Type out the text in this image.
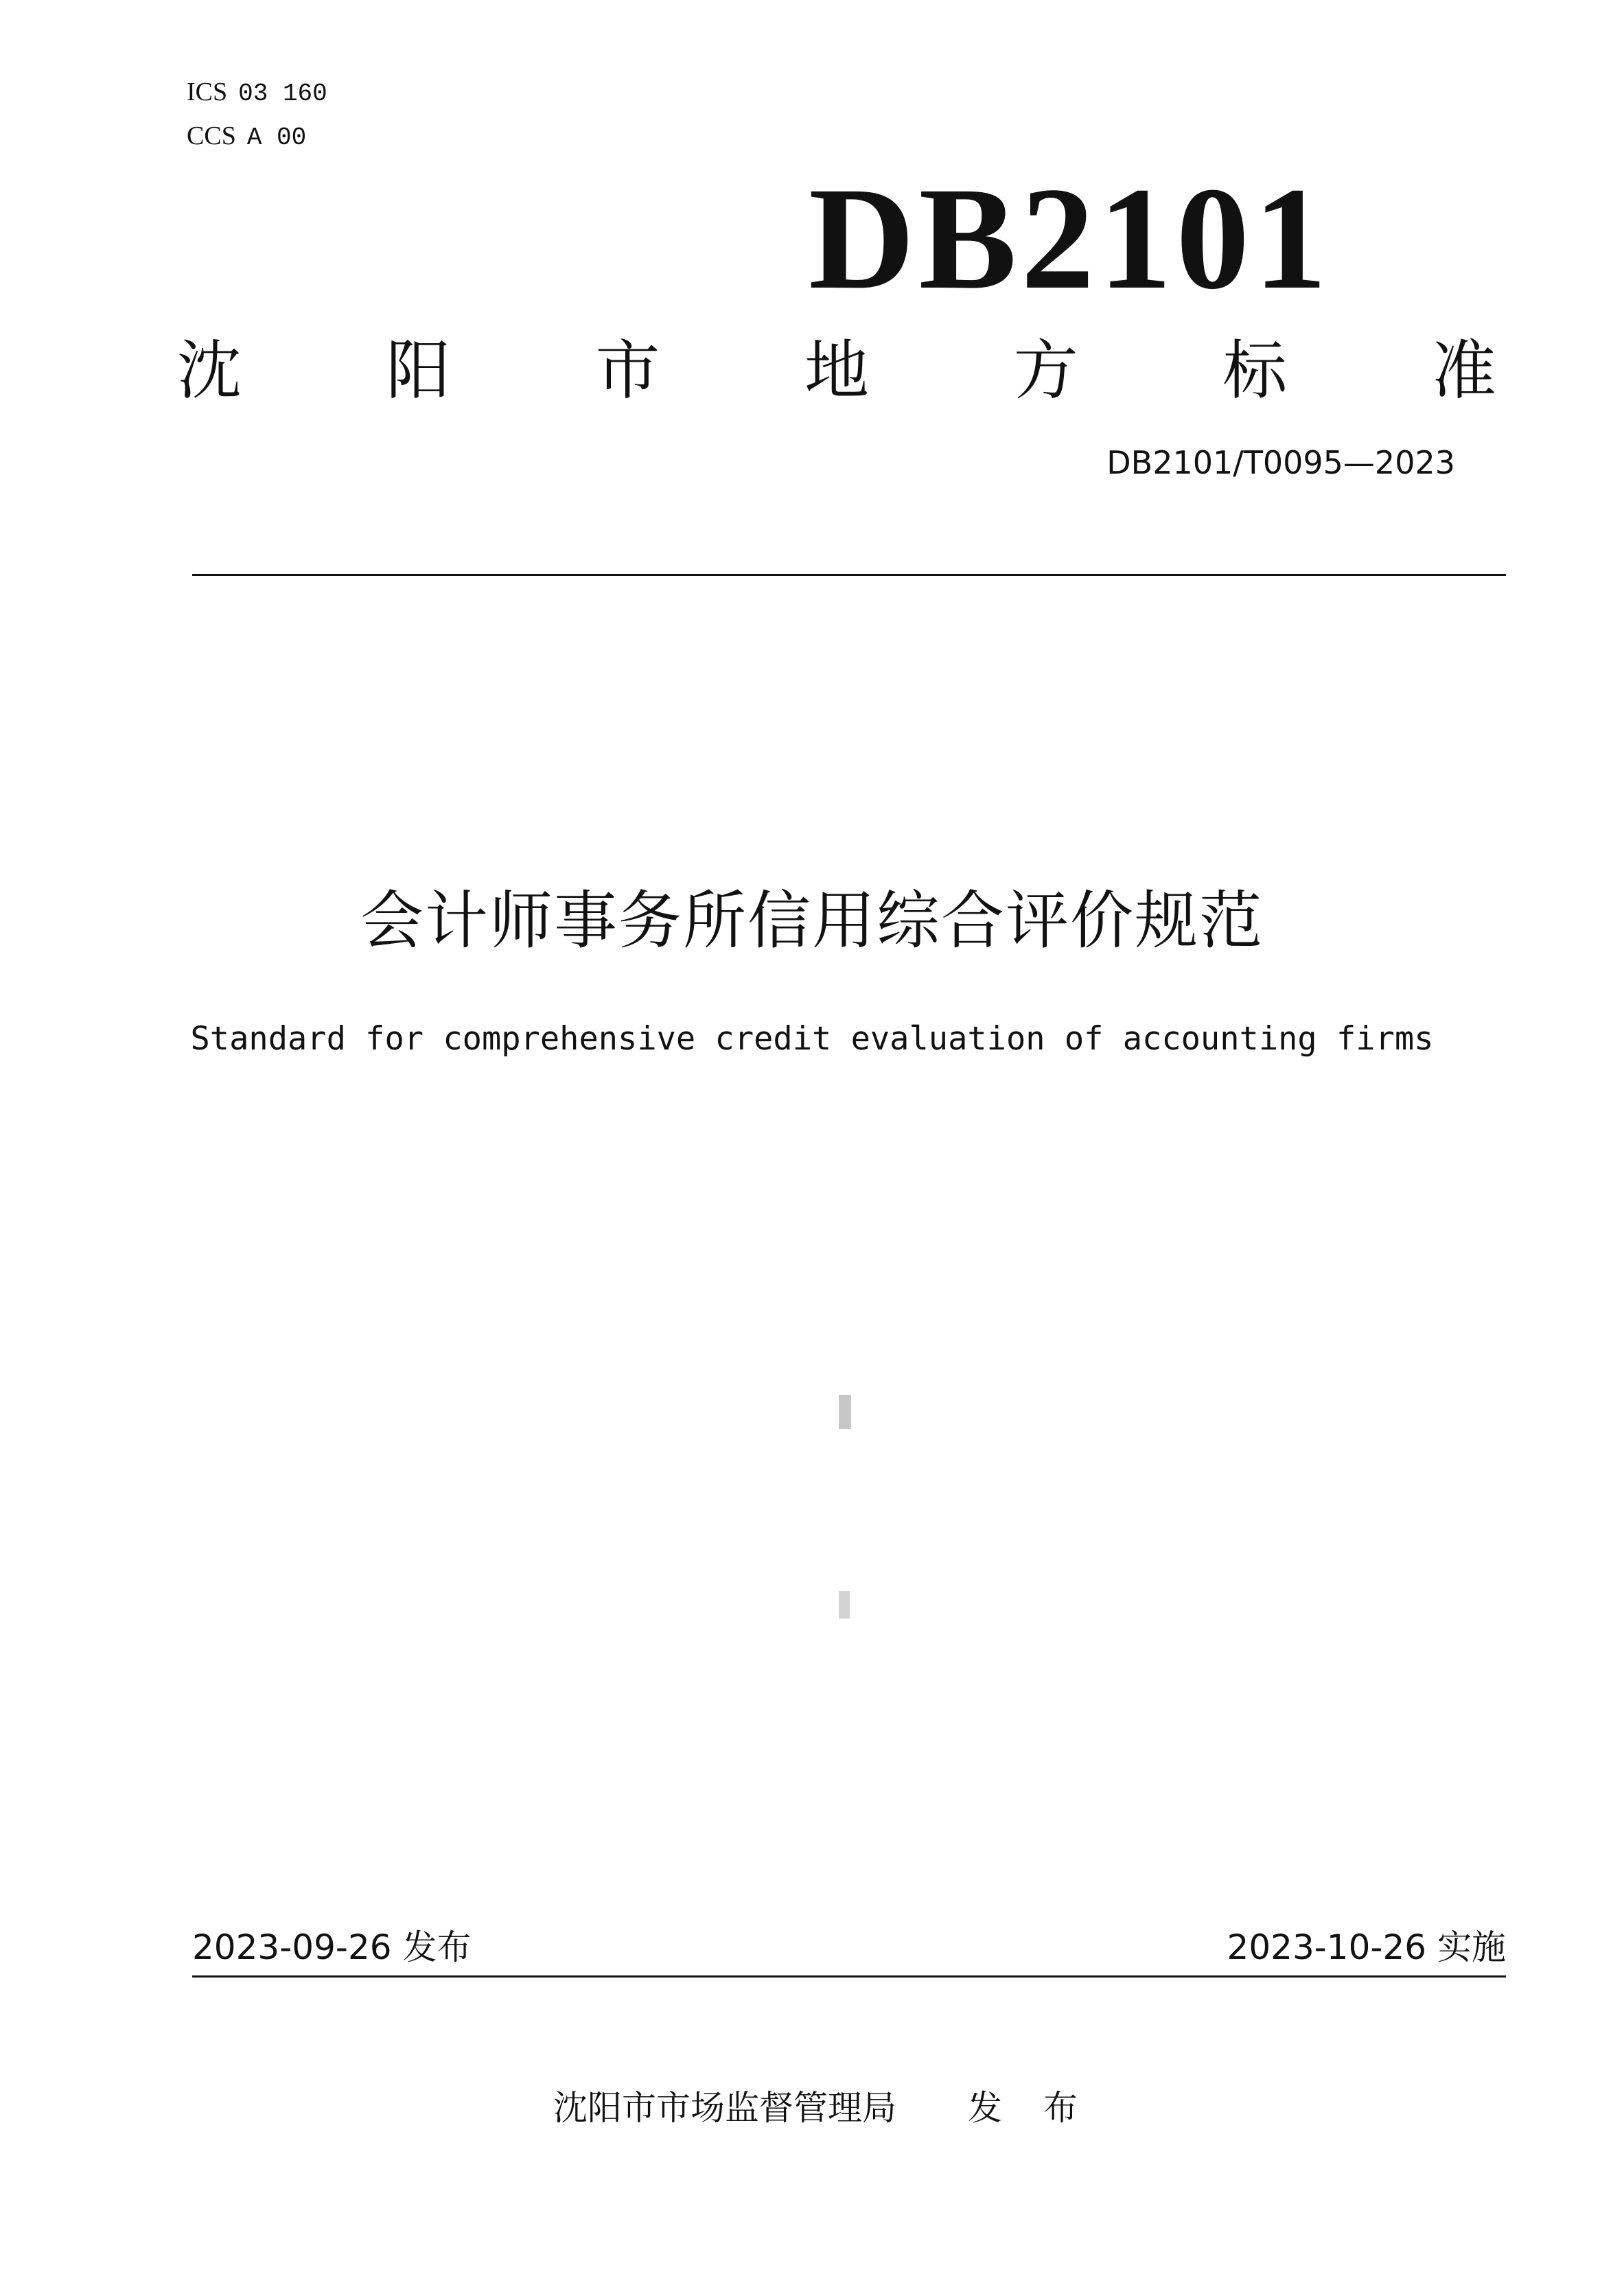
ICS 03 160
CCS A 00
DB2101
沈 阳 市 地 方 标 准
DB2101/T0095—2023
会计师事务所信用综合评价规范
Standard for comprehensive credit evaluation of accounting firms
2023-09-26 发布	2023-10-26 实施
沈阳市市场监督管理局 发 布
